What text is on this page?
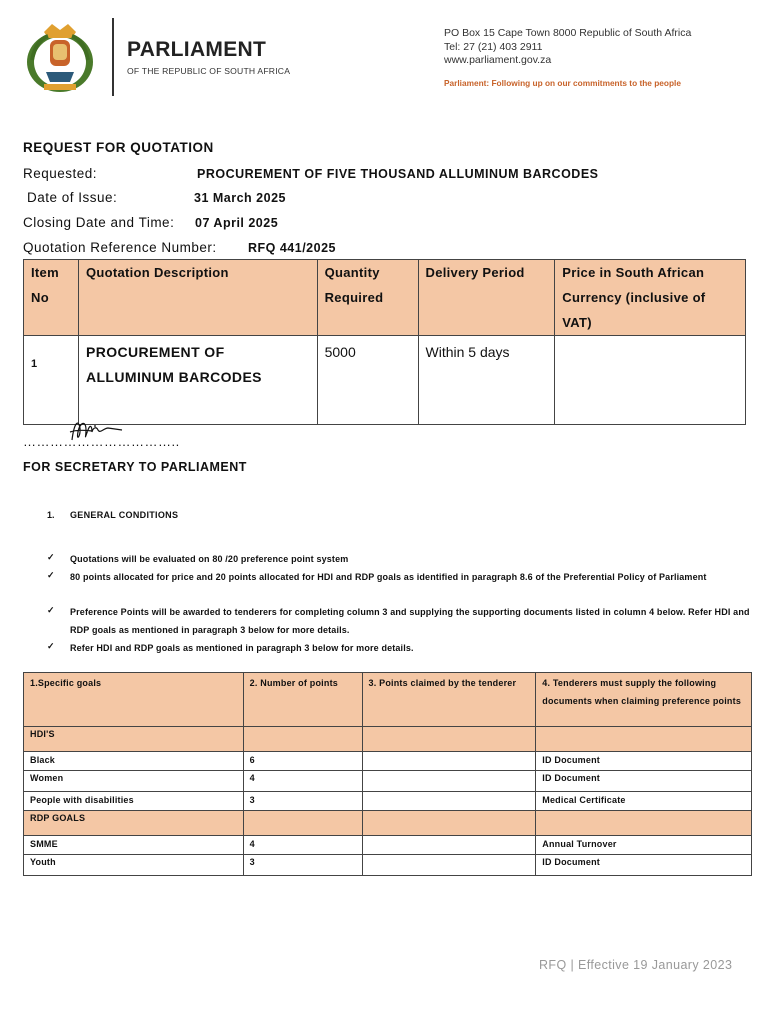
PARLIAMENT
OF THE REPUBLIC OF SOUTH AFRICA
PO Box 15 Cape Town 8000 Republic of South Africa
Tel: 27 (21) 403 2911
www.parliament.gov.za
Parliament: Following up on our commitments to the people
REQUEST FOR QUOTATION
Requested:	PROCUREMENT OF FIVE THOUSAND ALLUMINUM BARCODES
Date of Issue:	31 March 2025
Closing Date and Time: 07 April 2025
Quotation Reference Number:	RFQ 441/2025
Item No	Quotation Description	Quantity Required	Delivery Period	Price in South African Currency (inclusive of VAT)
1	PROCUREMENT OF ALLUMINUM BARCODES	5000	Within 5 days	
……………………………..
FOR SECRETARY TO PARLIAMENT
1. GENERAL CONDITIONS
✓ Quotations will be evaluated on 80 /20 preference point system
✓ 80 points allocated for price and 20 points allocated for HDI and RDP goals as identified in paragraph 8.6 of the Preferential Policy of Parliament
✓ Preference Points will be awarded to tenderers for completing column 3 and supplying the supporting documents listed in column 4 below. Refer HDI and RDP goals as mentioned in paragraph 3 below for more details.
✓ Refer HDI and RDP goals as mentioned in paragraph 3 below for more details.
1.Specific goals	2. Number of points	3. Points claimed by the tenderer	4. Tenderers must supply the following documents when claiming preference points
HDI'S			
Black	6		ID Document
Women	4		ID Document
People with disabilities	3		Medical Certificate
RDP GOALS			
SMME	4		Annual Turnover
Youth	3		ID Document
RFQ | Effective 19 January 2023
